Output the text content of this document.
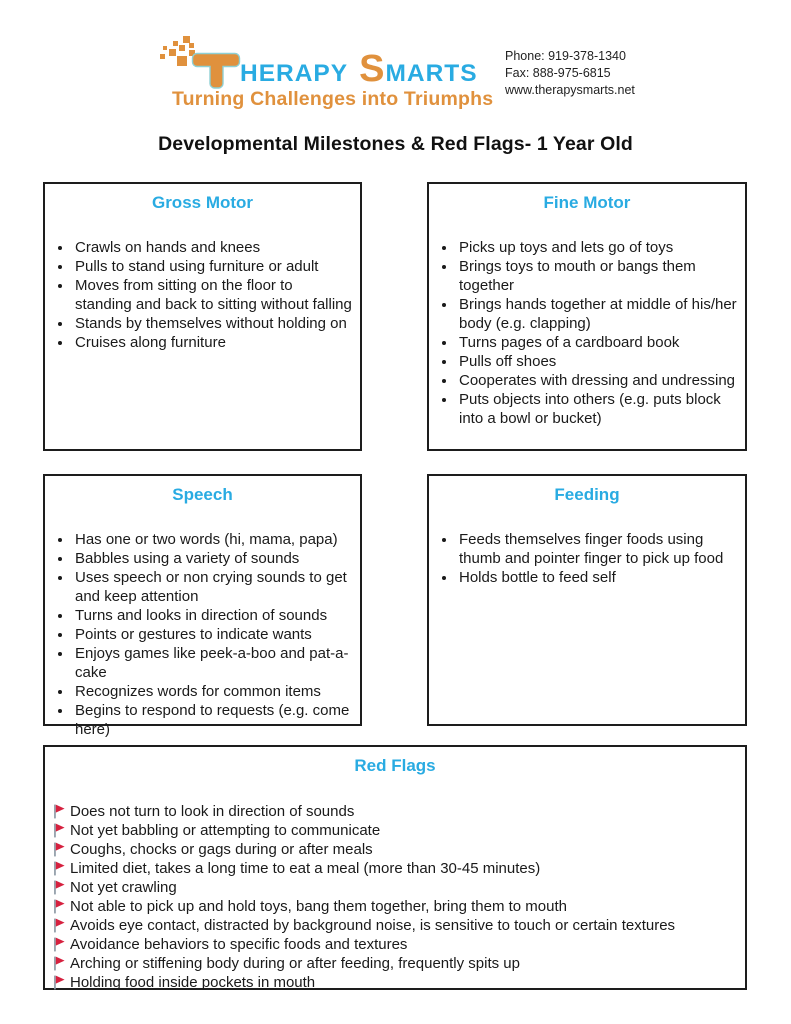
HERAPY S MARTS
Turning Challenges into Triumphs
Phone: 919-378-1340
Fax: 888-975-6815
www.therapysmarts.net
Developmental Milestones & Red Flags- 1 Year Old
Gross Motor
• Crawls on hands and knees
• Pulls to stand using furniture or adult
• Moves from sitting on the floor to standing and back to sitting without falling
• Stands by themselves without holding on
• Cruises along furniture
Fine Motor
• Picks up toys and lets go of toys
• Brings toys to mouth or bangs them together
• Brings hands together at middle of his/her body (e.g. clapping)
• Turns pages of a cardboard book
• Pulls off shoes
• Cooperates with dressing and undressing
• Puts objects into others (e.g. puts block into a bowl or bucket)
Speech
• Has one or two words (hi, mama, papa)
• Babbles using a variety of sounds
• Uses speech or non crying sounds to get and keep attention
• Turns and looks in direction of sounds
• Points or gestures to indicate wants
• Enjoys games like peek-a-boo and pat-a-cake
• Recognizes words for common items
• Begins to respond to requests (e.g. come here)
Feeding
• Feeds themselves finger foods using thumb and pointer finger to pick up food
• Holds bottle to feed self
Red Flags
Does not turn to look in direction of sounds
Not yet babbling or attempting to communicate
Coughs, chocks or gags during or after meals
Limited diet, takes a long time to eat a meal (more than 30-45 minutes)
Not yet crawling
Not able to pick up and hold toys, bang them together, bring them to mouth
Avoids eye contact, distracted by background noise, is sensitive to touch or certain textures
Avoidance behaviors to specific foods and textures
Arching or stiffening body during or after feeding, frequently spits up
Holding food inside pockets in mouth
